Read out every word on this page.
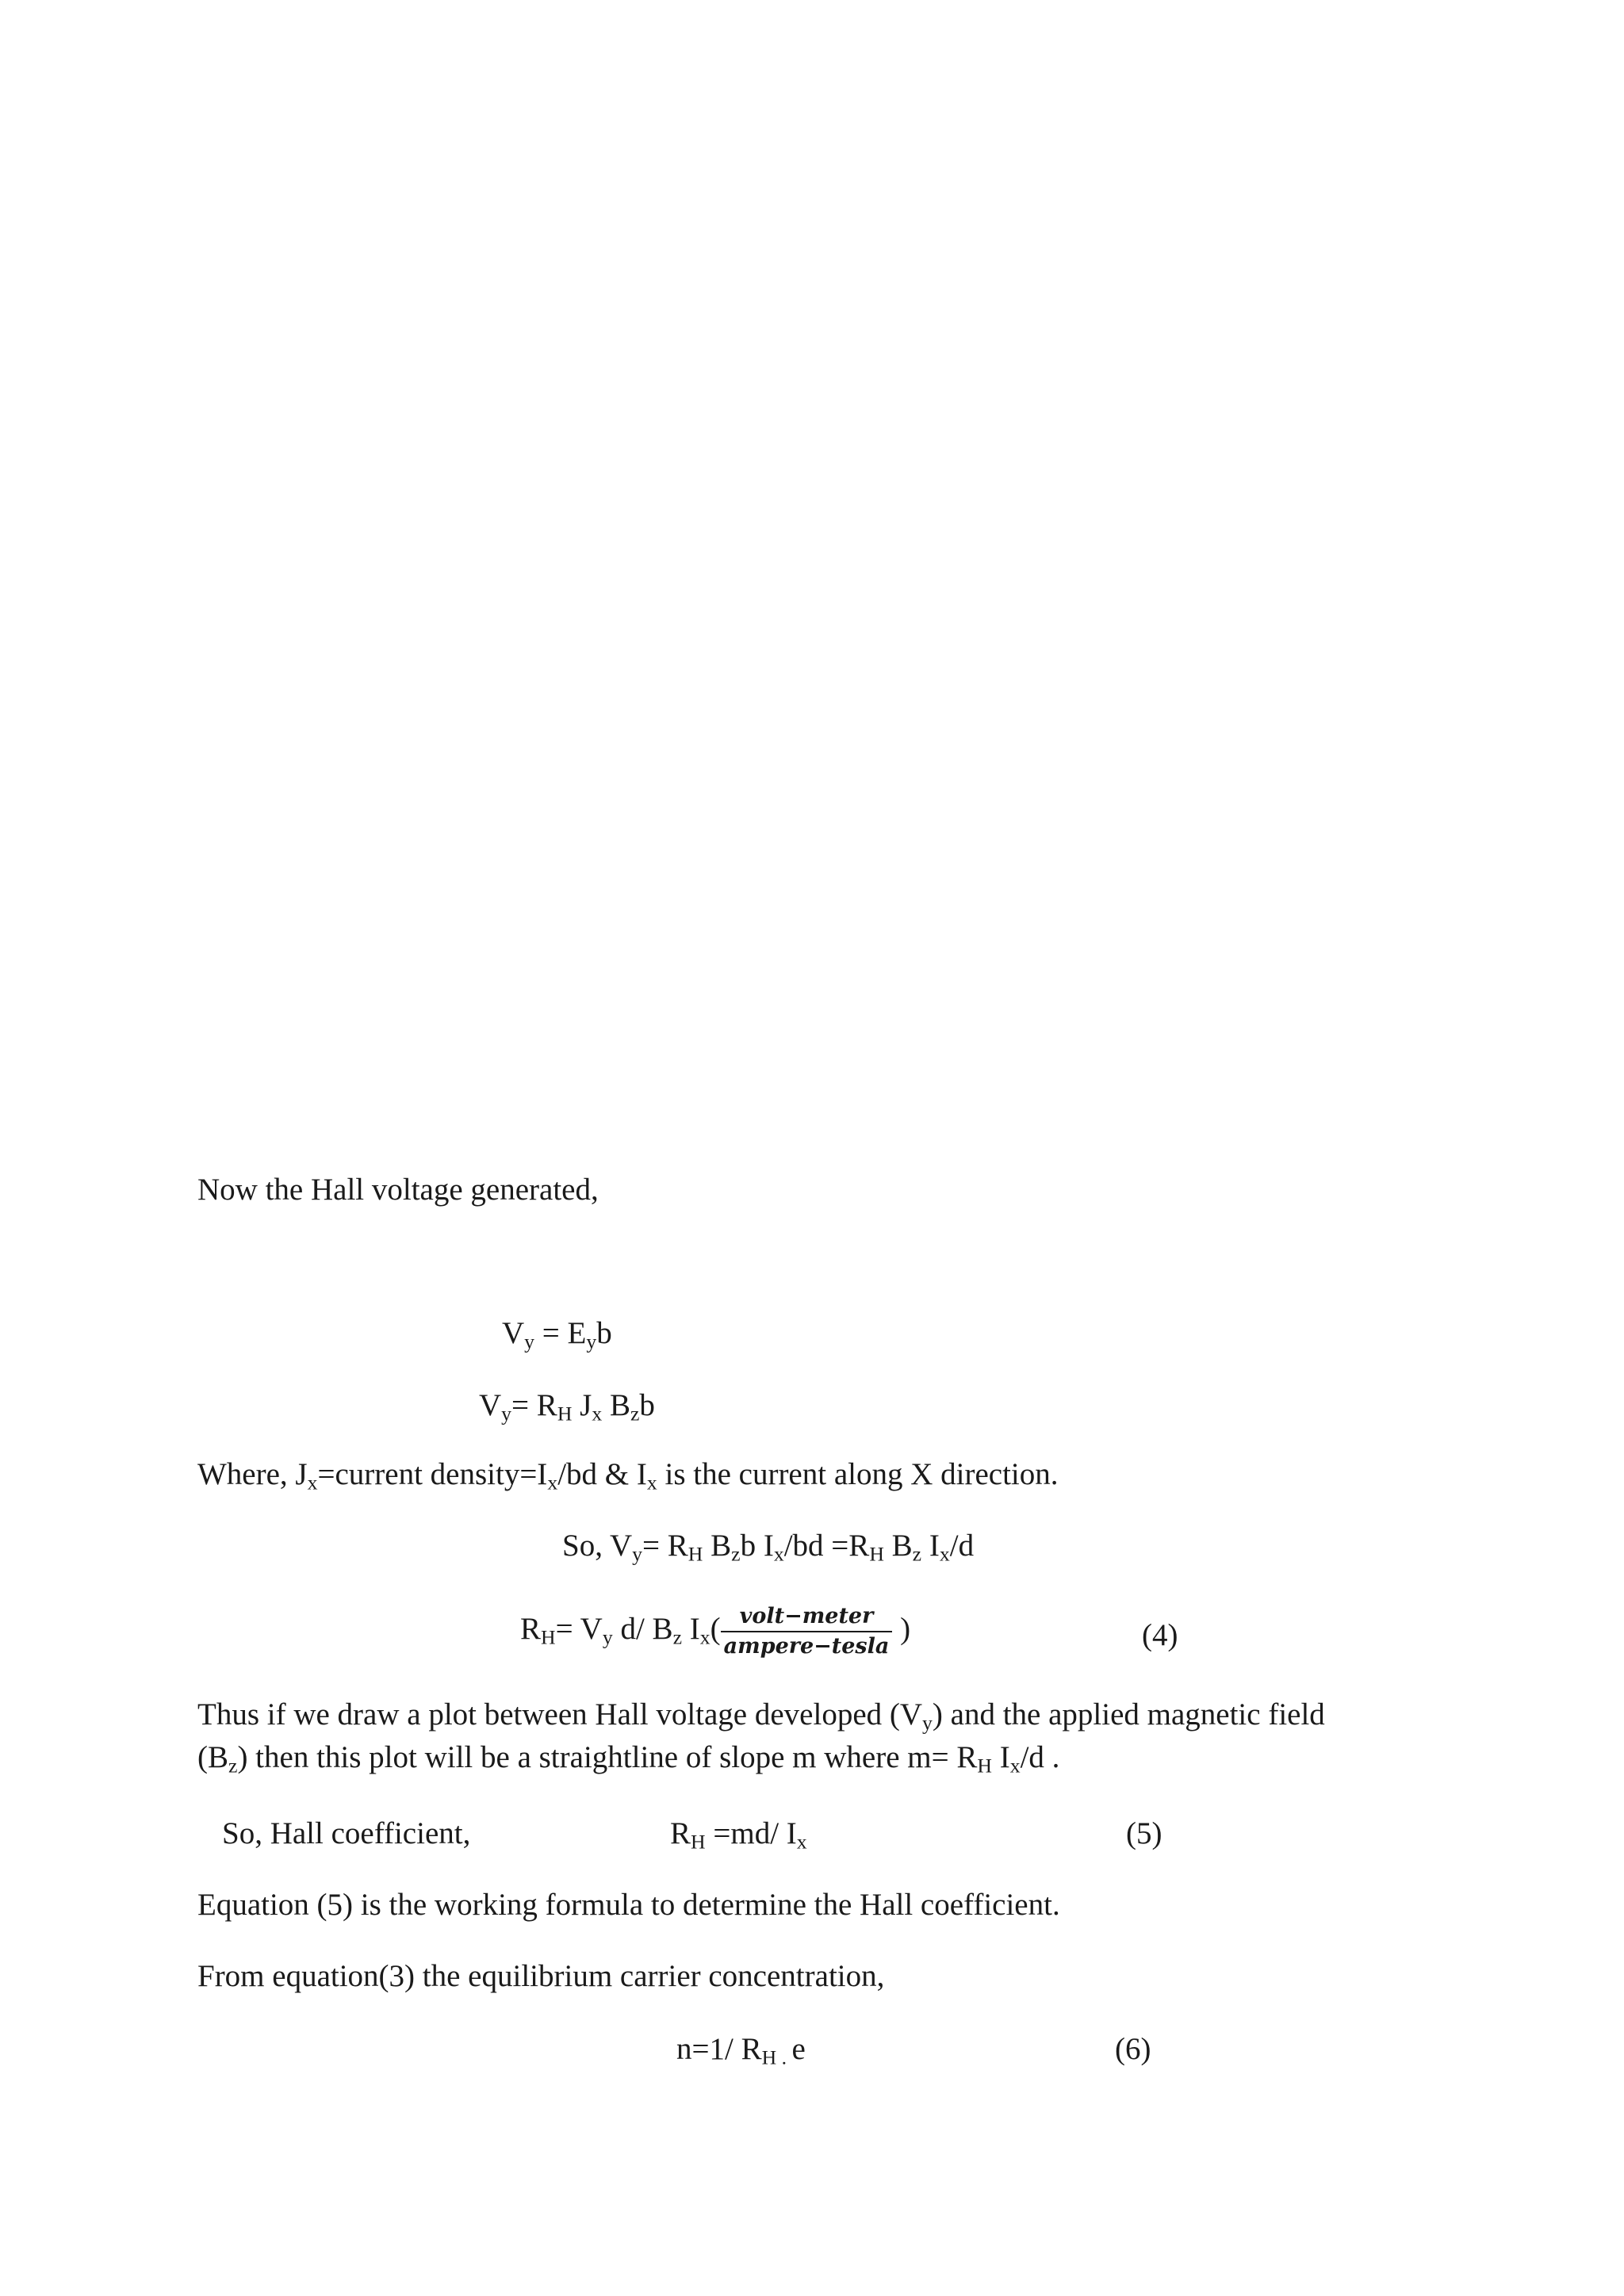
Now the Hall voltage generated,
$V_y = E_yb$
$V_y= R_H$ $J_x$ $B_zb$
Where, $J_x=current$ $density=I_x/bd$ & $I_x$ is the current along X direction.
So, $V_y= R_H$ $B_zb$ $I_x/bd =R_H$ $B_z$ $I_x/d$
$R_H= V_y$ d/ $B_z$ $I_x( \frac{\text{volt−meter}}{\text{ampere−tesla}}$ )	(4)
Thus if we draw a plot between Hall voltage developed $(V_y)$ and the applied magnetic field
$(B_z)$ then this plot will be a straightline of slope m where $m= R_H$ $I_x/d$ .
So, Hall coefficient,	$R_H =md/$ $I_x$	(5)
Equation (5) is the working formula to determine the Hall coefficient.
From equation(3) the equilibrium carrier concentration,
n=1/ $R_{H .}$ e	(6)
